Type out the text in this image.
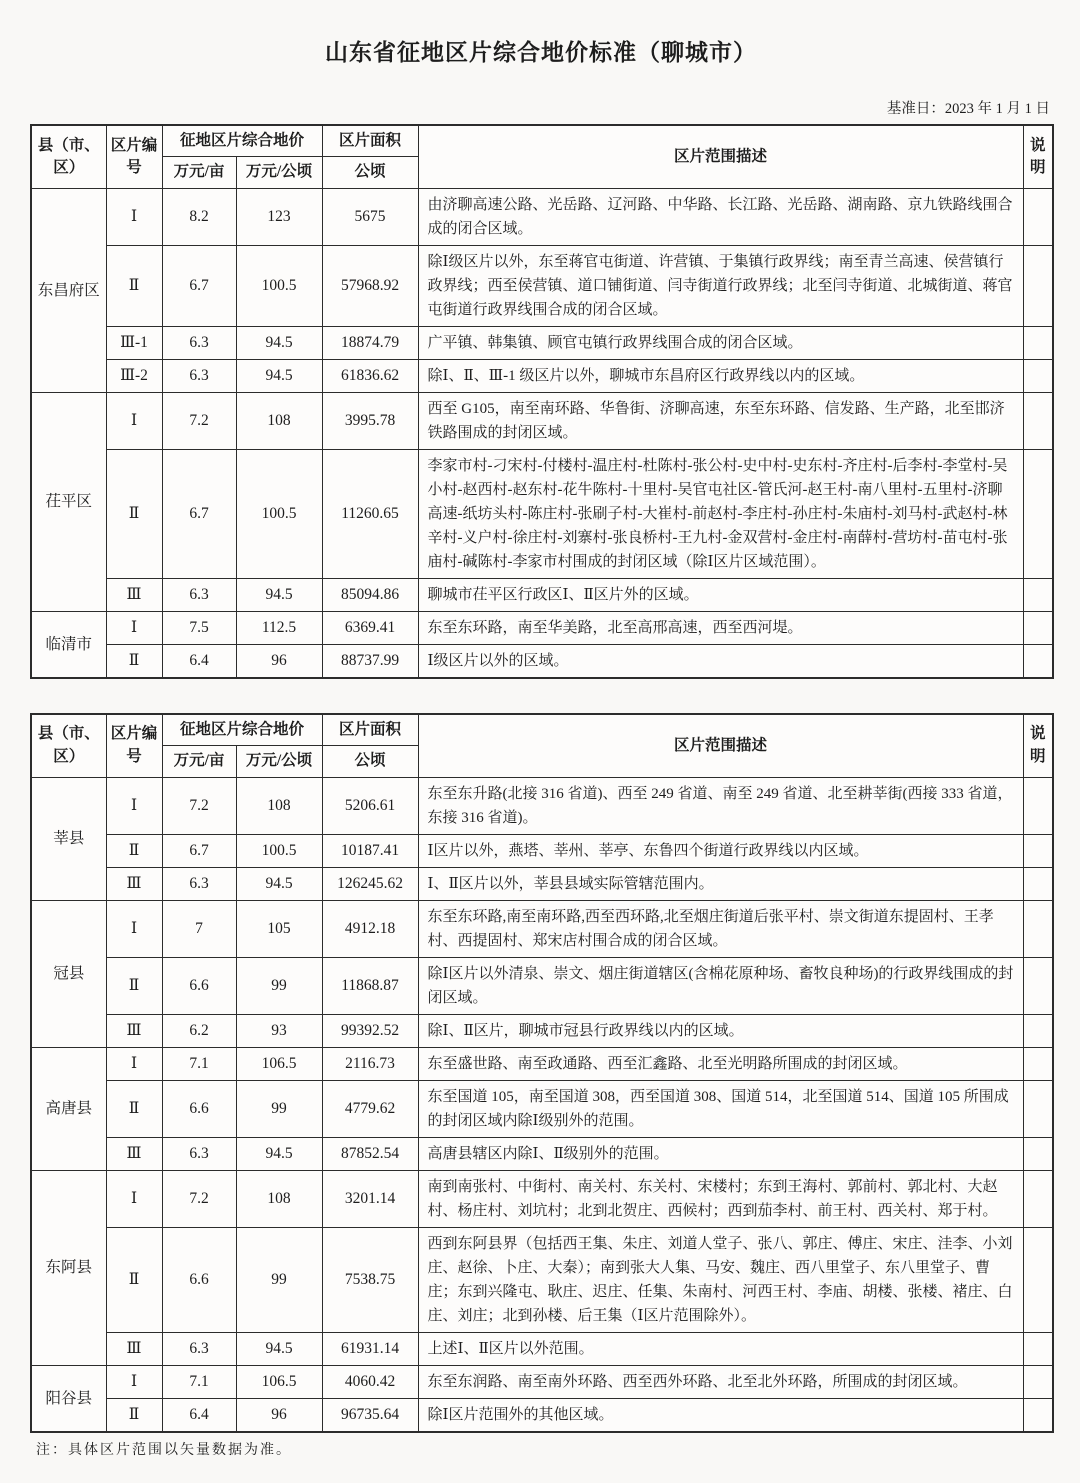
山东省征地区片综合地价标准（聊城市）
基准日：2023 年 1 月 1 日
县（市、区）	区片编号	征地区片综合地价		区片面积	区片范围描述	说明
		万元/亩	万元/公顷	公顷		
东昌府区	Ⅰ	8.2	123	5675	由济聊高速公路、光岳路、辽河路、中华路、长江路、光岳路、湖南路、京九铁路线围合成的闭合区域。	
	Ⅱ	6.7	100.5	57968.92	除Ⅰ级区片以外，东至蒋官屯街道、许营镇、于集镇行政界线；南至青兰高速、侯营镇行政界线；西至侯营镇、道口铺街道、闫寺街道行政界线；北至闫寺街道、北城街道、蒋官屯街道行政界线围合成的闭合区域。	
	Ⅲ-1	6.3	94.5	18874.79	广平镇、韩集镇、顾官屯镇行政界线围合成的闭合区域。	
	Ⅲ-2	6.3	94.5	61836.62	除Ⅰ、Ⅱ、Ⅲ-1 级区片以外，聊城市东昌府区行政界线以内的区域。	
茌平区	Ⅰ	7.2	108	3995.78	西至 G105，南至南环路、华鲁街、济聊高速，东至东环路、信发路、生产路，北至邯济铁路围成的封闭区域。	
	Ⅱ	6.7	100.5	11260.65	李家市村-刁宋村-付楼村-温庄村-杜陈村-张公村-史中村-史东村-齐庄村-后李村-李堂村-吴小村-赵西村-赵东村-花牛陈村-十里村-吴官屯社区-管氏河-赵王村-南八里村-五里村-济聊高速-纸坊头村-陈庄村-张刷子村-大崔村-前赵村-李庄村-孙庄村-朱庙村-刘马村-武赵村-林辛村-义户村-徐庄村-刘寨村-张良桥村-王九村-金双营村-金庄村-南薛村-营坊村-苗屯村-张庙村-碱陈村-李家市村围成的封闭区域（除Ⅰ区片区域范围）。	
	Ⅲ	6.3	94.5	85094.86	聊城市茌平区行政区Ⅰ、Ⅱ区片外的区域。	
临清市	Ⅰ	7.5	112.5	6369.41	东至东环路，南至华美路，北至高邢高速，西至西河堤。	
	Ⅱ	6.4	96	88737.99	Ⅰ级区片以外的区域。	
县（市、区）	区片编号	征地区片综合地价		区片面积	区片范围描述	说明
		万元/亩	万元/公顷	公顷		
莘县	Ⅰ	7.2	108	5206.61	东至东升路(北接 316 省道)、西至 249 省道、南至 249 省道、北至耕莘街(西接 333 省道，东接 316 省道)。	
	Ⅱ	6.7	100.5	10187.41	Ⅰ区片以外，燕塔、莘州、莘亭、东鲁四个街道行政界线以内区域。	
	Ⅲ	6.3	94.5	126245.62	Ⅰ、Ⅱ区片以外，莘县县域实际管辖范围内。	
冠县	Ⅰ	7	105	4912.18	东至东环路,南至南环路,西至西环路,北至烟庄街道后张平村、崇文街道东提固村、王孝村、西提固村、郑宋店村围合成的闭合区域。	
	Ⅱ	6.6	99	11868.87	除Ⅰ区片以外清泉、崇文、烟庄街道辖区(含棉花原种场、畜牧良种场)的行政界线围成的封闭区域。	
	Ⅲ	6.2	93	99392.52	除Ⅰ、Ⅱ区片，聊城市冠县行政界线以内的区域。	
高唐县	Ⅰ	7.1	106.5	2116.73	东至盛世路、南至政通路、西至汇鑫路、北至光明路所围成的封闭区域。	
	Ⅱ	6.6	99	4779.62	东至国道 105，南至国道 308，西至国道 308、国道 514，北至国道 514、国道 105 所围成的封闭区域内除Ⅰ级别外的范围。	
	Ⅲ	6.3	94.5	87852.54	高唐县辖区内除Ⅰ、Ⅱ级别外的范围。	
东阿县	Ⅰ	7.2	108	3201.14	南到南张村、中街村、南关村、东关村、宋楼村；东到王海村、郭前村、郭北村、大赵村、杨庄村、刘坑村；北到北贺庄、西候村；西到茄李村、前王村、西关村、郑于村。	
	Ⅱ	6.6	99	7538.75	西到东阿县界（包括西王集、朱庄、刘道人堂子、张八、郭庄、傅庄、宋庄、洼李、小刘庄、赵徐、卜庄、大秦）；南到张大人集、马安、魏庄、西八里堂子、东八里堂子、曹庄；东到兴隆屯、耿庄、迟庄、任集、朱南村、河西王村、李庙、胡楼、张楼、褚庄、白庄、刘庄；北到孙楼、后王集（Ⅰ区片范围除外）。	
	Ⅲ	6.3	94.5	61931.14	上述Ⅰ、Ⅱ区片以外范围。	
阳谷县	Ⅰ	7.1	106.5	4060.42	东至东润路、南至南外环路、西至西外环路、北至北外环路，所围成的封闭区域。	
	Ⅱ	6.4	96	96735.64	除Ⅰ区片范围外的其他区域。	
注：具体区片范围以矢量数据为准。
